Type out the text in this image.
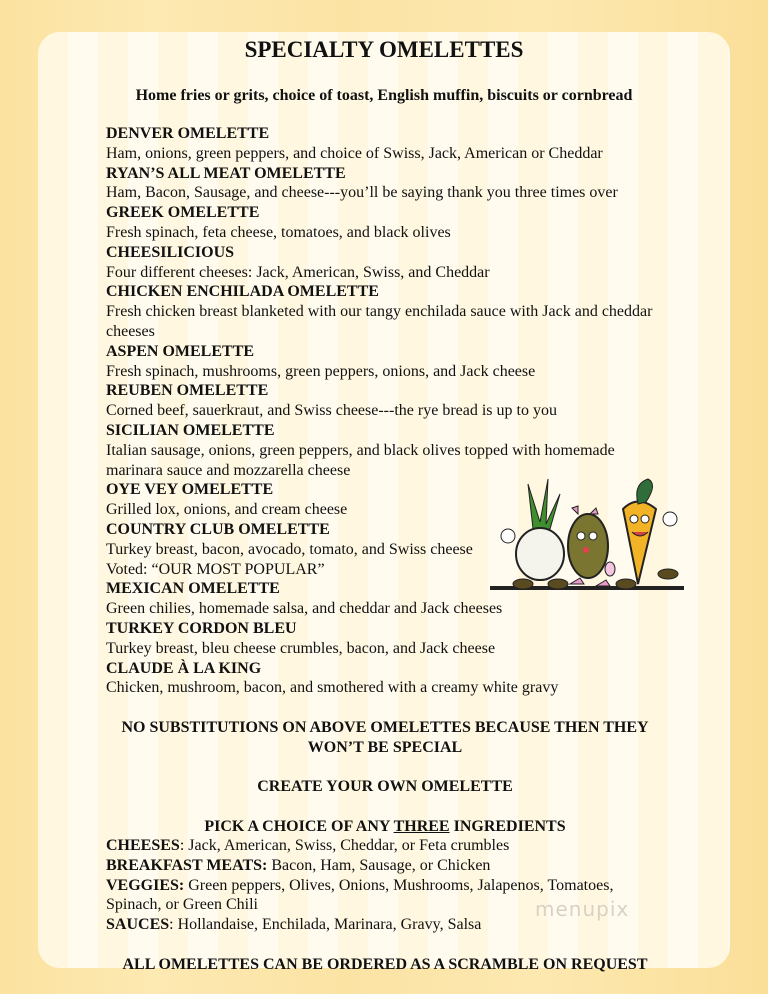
SPECIALTY OMELETTES
Home fries or grits, choice of toast, English muffin, biscuits or cornbread
DENVER OMELETTE
Ham, onions, green peppers, and choice of Swiss, Jack, American or Cheddar
RYAN’S ALL MEAT OMELETTE
Ham, Bacon, Sausage, and cheese---you’ll be saying thank you three times over
GREEK OMELETTE
Fresh spinach, feta cheese, tomatoes, and black olives
CHEESILICIOUS
Four different cheeses: Jack, American, Swiss, and Cheddar
CHICKEN ENCHILADA OMELETTE
Fresh chicken breast blanketed with our tangy enchilada sauce with Jack and cheddar cheeses
ASPEN OMELETTE
Fresh spinach, mushrooms, green peppers, onions, and Jack cheese
REUBEN OMELETTE
Corned beef, sauerkraut, and Swiss cheese---the rye bread is up to you
SICILIAN OMELETTE
Italian sausage, onions, green peppers, and black olives topped with homemade marinara sauce and mozzarella cheese
OYE VEY OMELETTE
Grilled lox, onions, and cream cheese
COUNTRY CLUB OMELETTE
Turkey breast, bacon, avocado, tomato, and Swiss cheese
Voted: “OUR MOST POPULAR”
MEXICAN OMELETTE
Green chilies, homemade salsa, and cheddar and Jack cheeses
TURKEY CORDON BLEU
Turkey breast, bleu cheese crumbles, bacon, and Jack cheese
CLAUDE À LA KING
Chicken, mushroom, bacon, and smothered with a creamy white gravy
NO SUBSTITUTIONS ON ABOVE OMELETTES BECAUSE THEN THEY WON’T BE SPECIAL
CREATE YOUR OWN OMELETTE
PICK A CHOICE OF ANY THREE INGREDIENTS
CHEESES: Jack, American, Swiss, Cheddar, or Feta crumbles
BREAKFAST MEATS: Bacon, Ham, Sausage, or Chicken
VEGGIES: Green peppers, Olives, Onions, Mushrooms, Jalapenos, Tomatoes, Spinach, or Green Chili
SAUCES: Hollandaise, Enchilada, Marinara, Gravy, Salsa
ALL OMELETTES CAN BE ORDERED AS A SCRAMBLE ON REQUEST
menupix
